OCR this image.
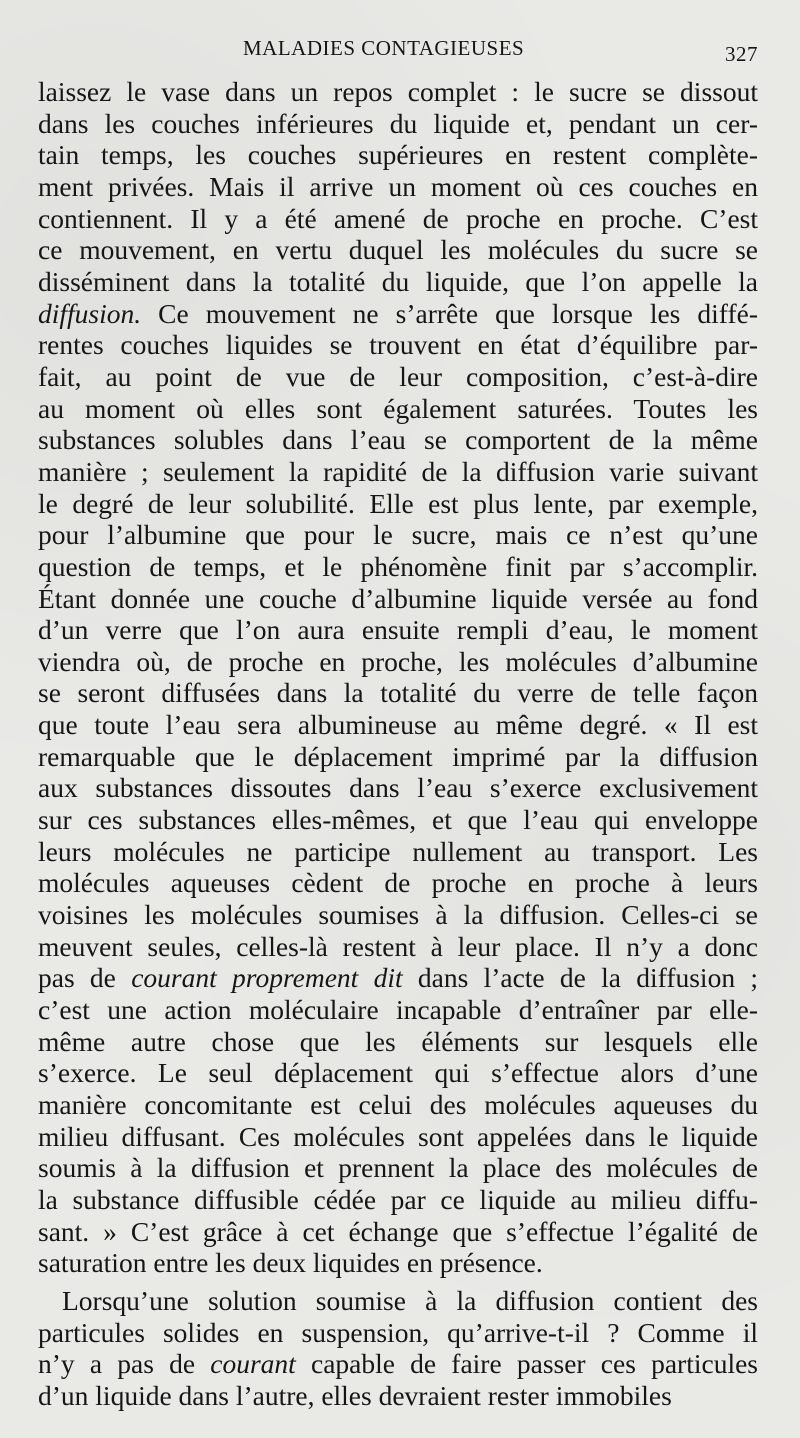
MALADIES CONTAGIEUSES	327
laissez le vase dans un repos complet : le sucre se dissout
dans les couches inférieures du liquide et, pendant un cer-
tain temps, les couches supérieures en restent complète-
ment privées. Mais il arrive un moment où ces couches en
contiennent. Il y a été amené de proche en proche. C’est
ce mouvement, en vertu duquel les molécules du sucre se
disséminent dans la totalité du liquide, que l’on appelle la
diffusion. Ce mouvement ne s’arrête que lorsque les diffé-
rentes couches liquides se trouvent en état d’équilibre par-
fait, au point de vue de leur composition, c’est-à-dire
au moment où elles sont également saturées. Toutes les
substances solubles dans l’eau se comportent de la même
manière ; seulement la rapidité de la diffusion varie suivant
le degré de leur solubilité. Elle est plus lente, par exemple,
pour l’albumine que pour le sucre, mais ce n’est qu’une
question de temps, et le phénomène finit par s’accomplir.
Étant donnée une couche d’albumine liquide versée au fond
d’un verre que l’on aura ensuite rempli d’eau, le moment
viendra où, de proche en proche, les molécules d’albumine
se seront diffusées dans la totalité du verre de telle façon
que toute l’eau sera albumineuse au même degré. « Il est
remarquable que le déplacement imprimé par la diffusion
aux substances dissoutes dans l’eau s’exerce exclusivement
sur ces substances elles-mêmes, et que l’eau qui enveloppe
leurs molécules ne participe nullement au transport. Les
molécules aqueuses cèdent de proche en proche à leurs
voisines les molécules soumises à la diffusion. Celles-ci se
meuvent seules, celles-là restent à leur place. Il n’y a donc
pas de courant proprement dit dans l’acte de la diffusion ;
c’est une action moléculaire incapable d’entraîner par elle-
même autre chose que les éléments sur lesquels elle
s’exerce. Le seul déplacement qui s’effectue alors d’une
manière concomitante est celui des molécules aqueuses du
milieu diffusant. Ces molécules sont appelées dans le liquide
soumis à la diffusion et prennent la place des molécules de
la substance diffusible cédée par ce liquide au milieu diffu-
sant. » C’est grâce à cet échange que s’effectue l’égalité de
saturation entre les deux liquides en présence.
Lorsqu’une solution soumise à la diffusion contient des
particules solides en suspension, qu’arrive-t-il ? Comme il
n’y a pas de courant capable de faire passer ces particules
d’un liquide dans l’autre, elles devraient rester immobiles
